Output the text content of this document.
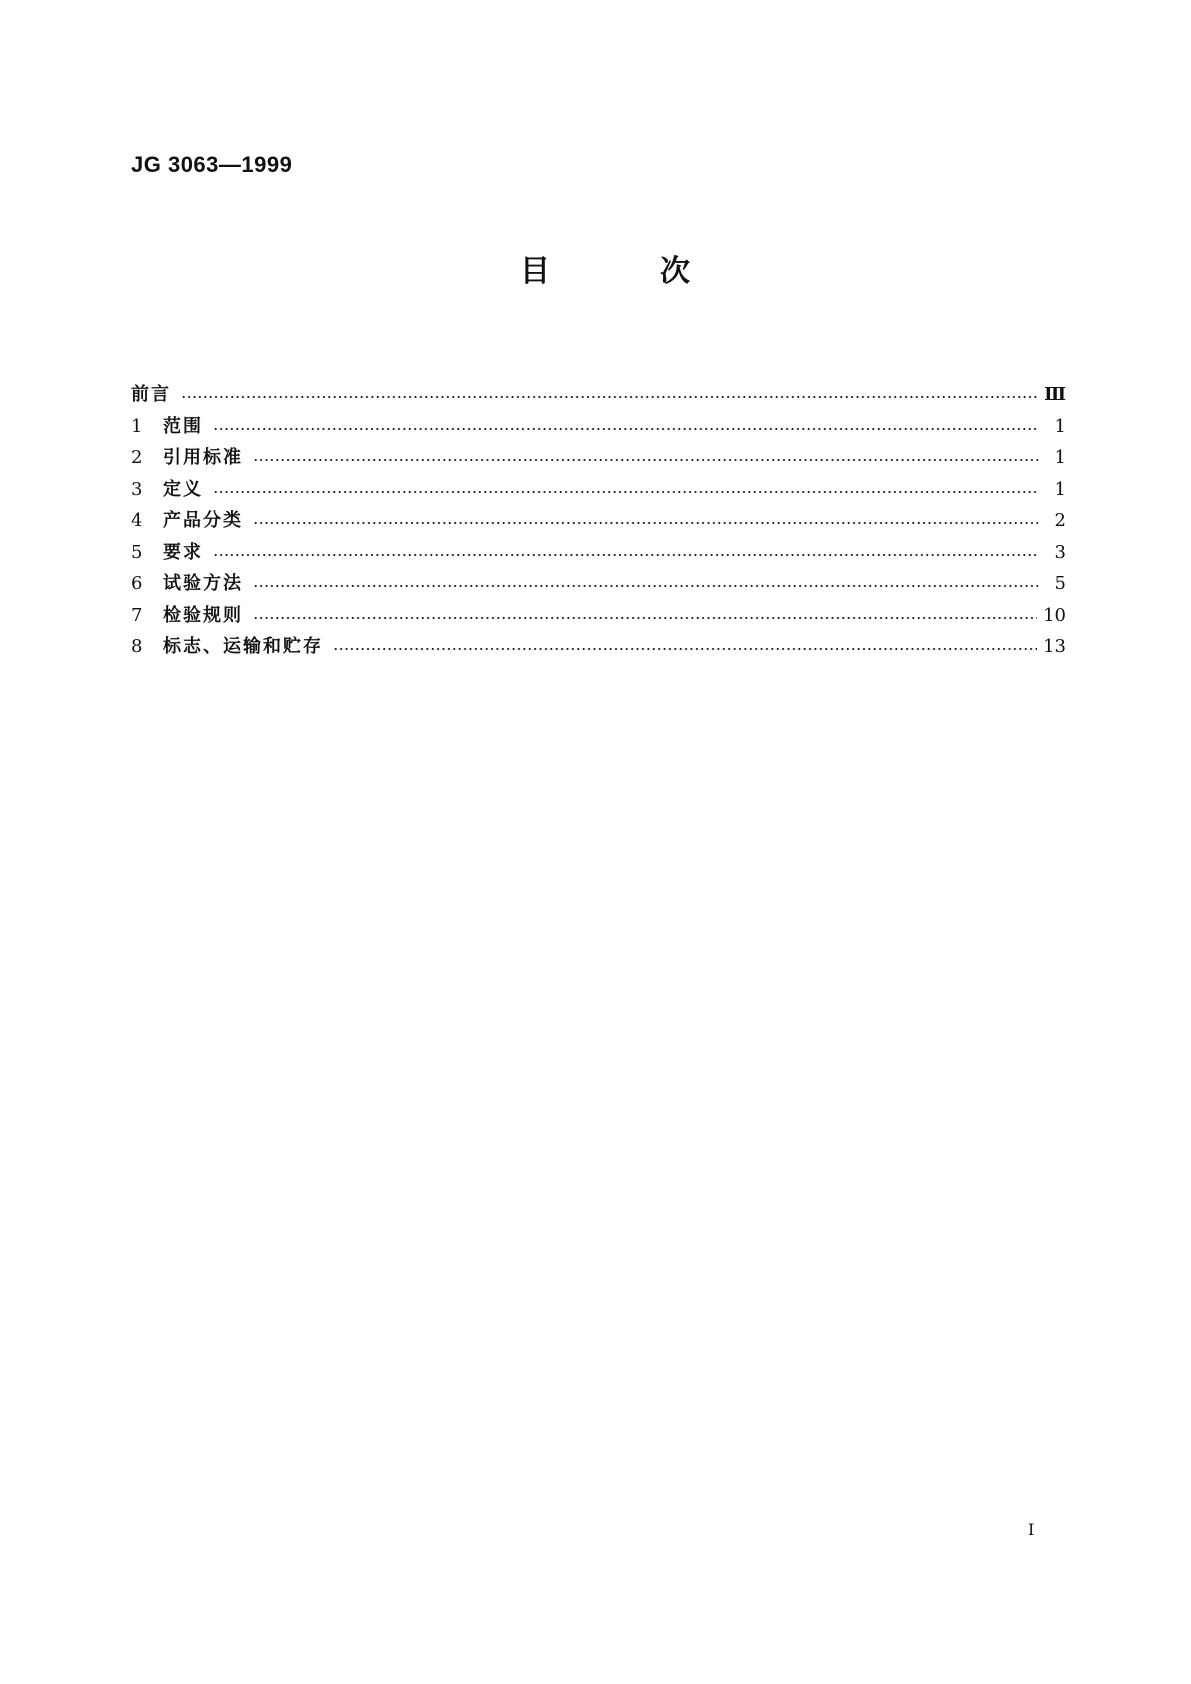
JG 3063—1999
目	次
前言	Ⅲ
1	范围	1
2	引用标准	1
3	定义	1
4	产品分类	2
5	要求	3
6	试验方法	5
7	检验规则	10
8	标志、运输和贮存	13
I
